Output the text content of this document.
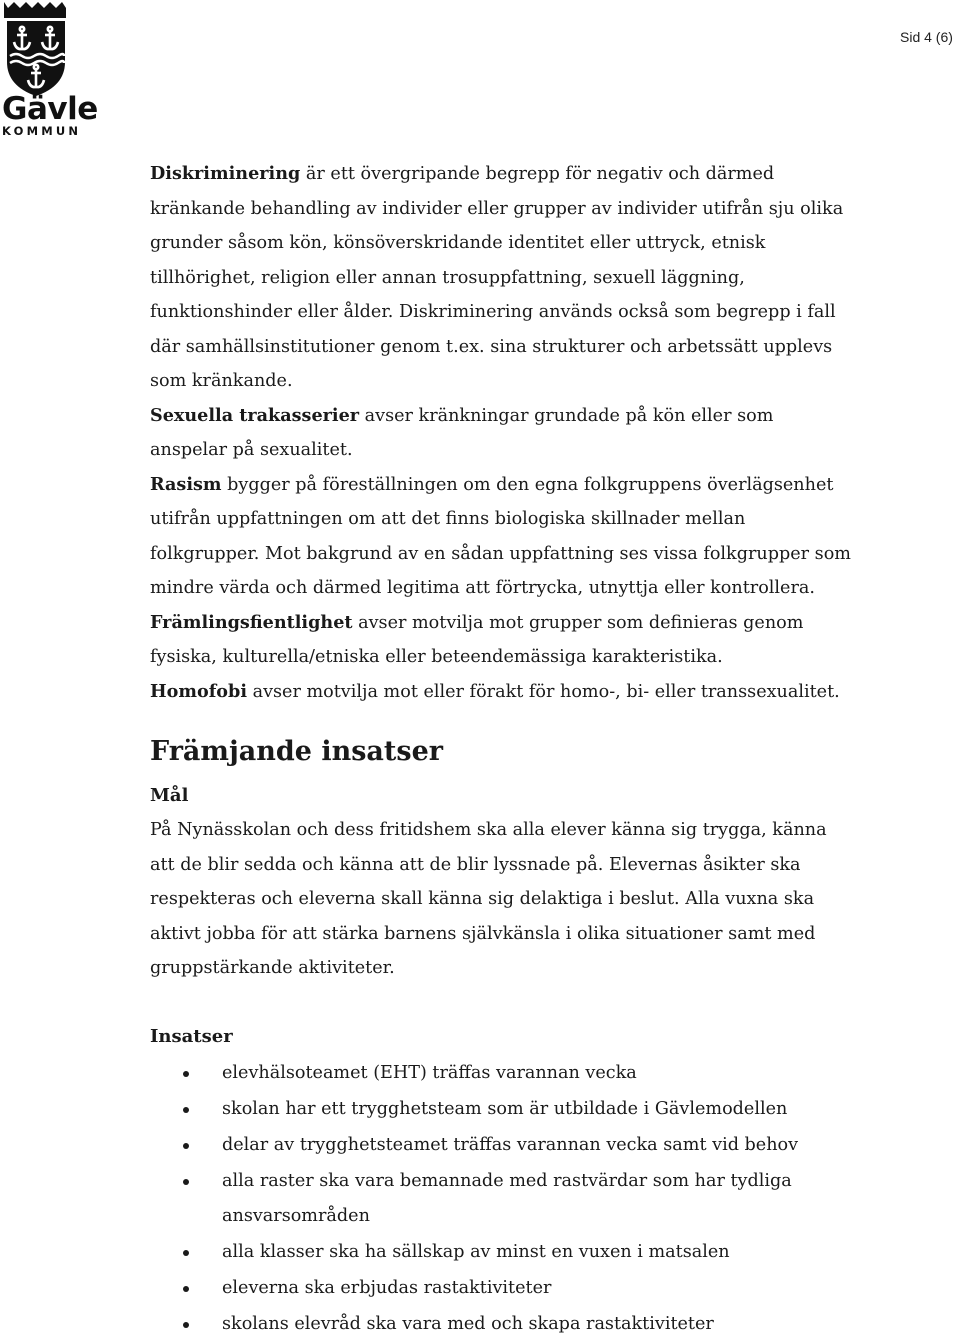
Gävle
KOMMUN
Sid 4 (6)

Diskriminering är ett övergripande begrepp för negativ och därmed kränkande behandling av individer eller grupper av individer utifrån sju olika grunder såsom kön, könsöverskridande identitet eller uttryck, etnisk tillhörighet, religion eller annan trosuppfattning, sexuell läggning, funktionshinder eller ålder. Diskriminering används också som begrepp i fall där samhällsinstitutioner genom t.ex. sina strukturer och arbetssätt upplevs som kränkande.

Sexuella trakasserier avser kränkningar grundade på kön eller som anspelar på sexualitet.

Rasism bygger på föreställningen om den egna folkgruppens överlägsenhet utifrån uppfattningen om att det finns biologiska skillnader mellan folkgrupper. Mot bakgrund av en sådan uppfattning ses vissa folkgrupper som mindre värda och därmed legitima att förtrycka, utnyttja eller kontrollera.

Främlingsfientlighet avser motvilja mot grupper som definieras genom fysiska, kulturella/etniska eller beteendemässiga karakteristika.

Homofobi avser motvilja mot eller förakt för homo-, bi- eller transsexualitet.

Främjande insatser
Mål

På Nynässkolan och dess fritidshem ska alla elever känna sig trygga, känna att de blir sedda och känna att de blir lyssnade på. Elevernas åsikter ska respekteras och eleverna skall känna sig delaktiga i beslut. Alla vuxna ska aktivt jobba för att stärka barnens självkänsla i olika situationer samt med gruppstärkande aktiviteter.

Insatser
elevhälsoteamet (EHT) träffas varannan vecka
skolan har ett trygghetsteam som är utbildade i Gävlemodellen
delar av trygghetsteamet träffas varannan vecka samt vid behov
alla raster ska vara bemannade med rastvärdar som har tydliga ansvarsområden
alla klasser ska ha sällskap av minst en vuxen i matsalen
eleverna ska erbjudas rastaktiviteter
skolans elevråd ska vara med och skapa rastaktiviteter
